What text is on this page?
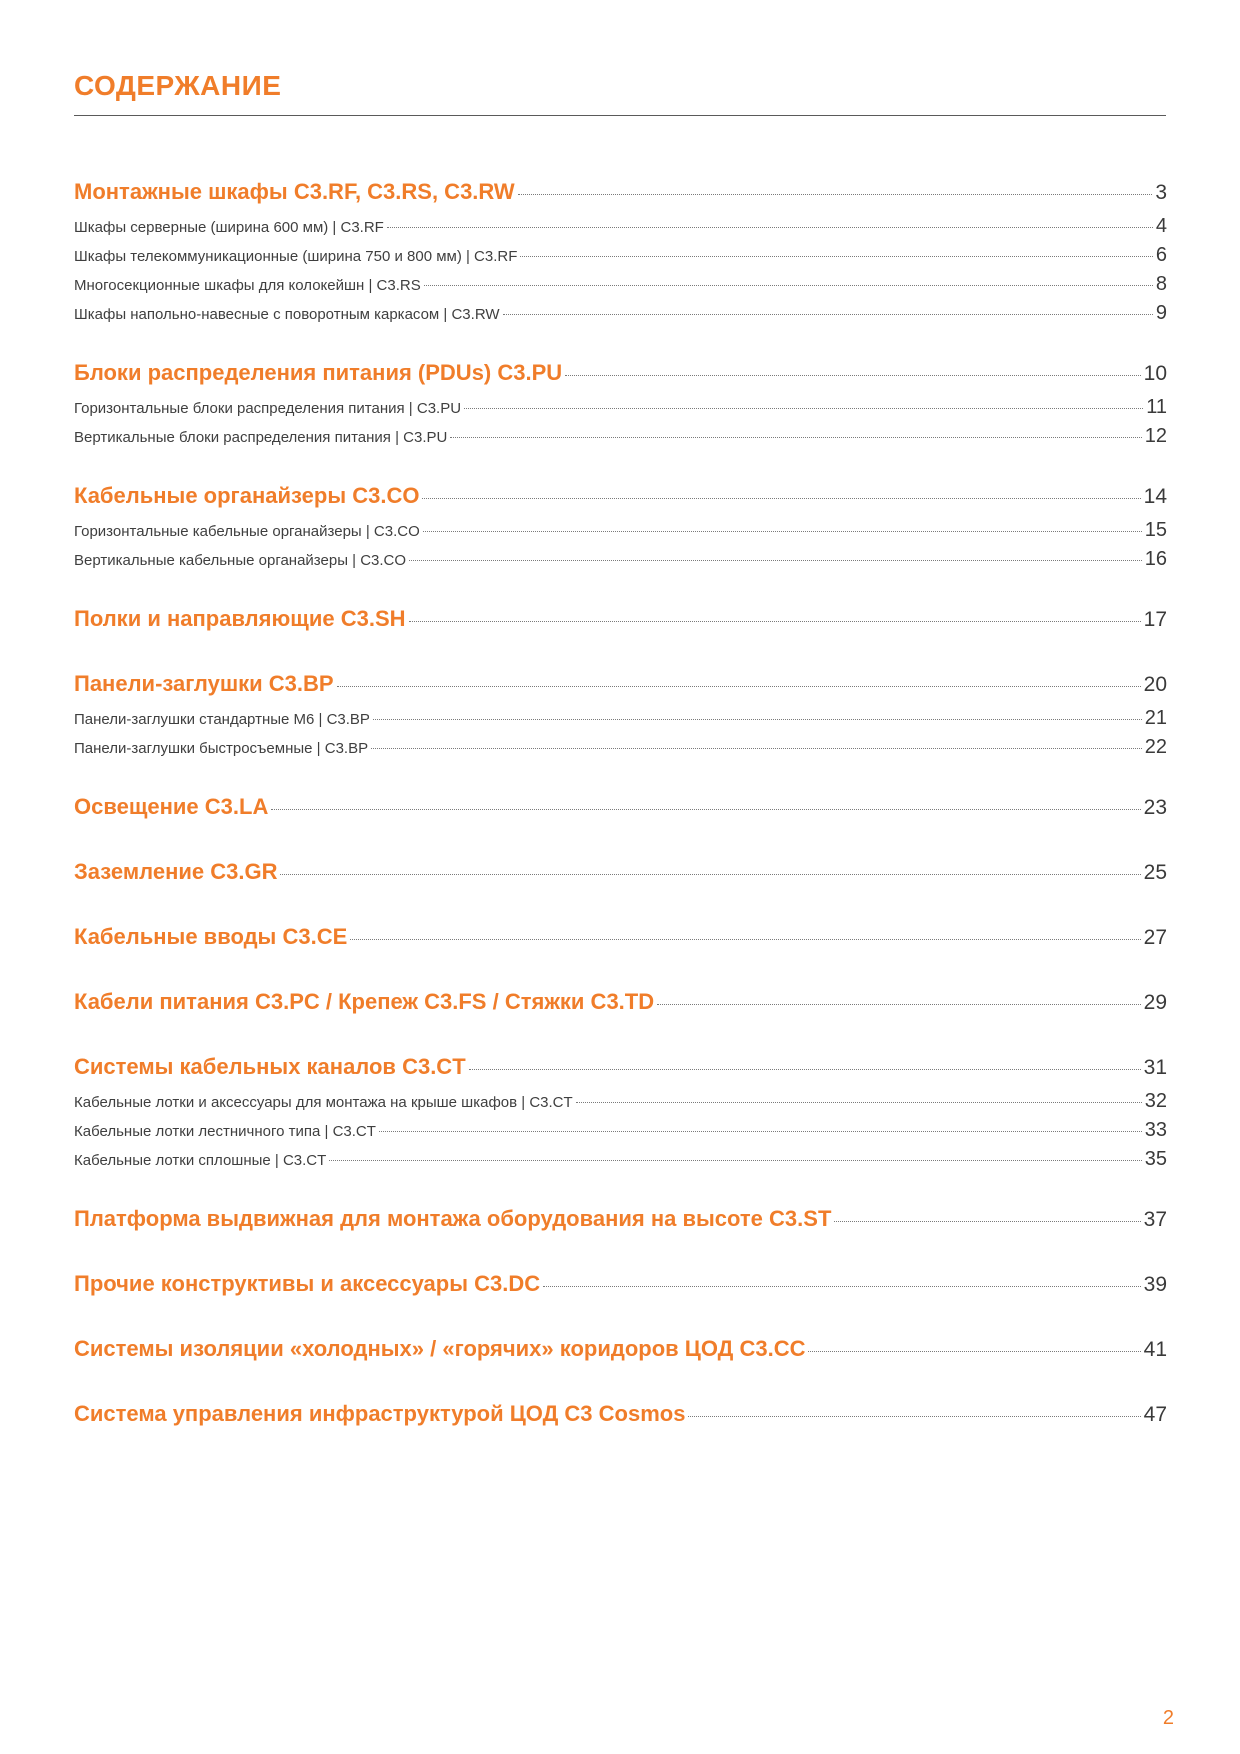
СОДЕРЖАНИЕ
Монтажные шкафы C3.RF, C3.RS, C3.RW	3
Шкафы серверные (ширина 600 мм) | C3.RF	4
Шкафы телекоммуникационные (ширина 750 и 800 мм) | C3.RF	6
Многосекционные шкафы для колокейшн | C3.RS	8
Шкафы напольно-навесные с поворотным каркасом | C3.RW	9
Блоки распределения питания (PDUs) C3.PU	10
Горизонтальные блоки распределения питания | C3.PU	11
Вертикальные блоки распределения питания | C3.PU	12
Кабельные органайзеры C3.CO	14
Горизонтальные кабельные органайзеры | C3.CO	15
Вертикальные кабельные органайзеры | C3.CO	16
Полки и направляющие C3.SH	17
Панели-заглушки C3.BP	20
Панели-заглушки стандартные М6 | C3.BP	21
Панели-заглушки быстросъемные | C3.BP	22
Освещение C3.LA	23
Заземление C3.GR	25
Кабельные вводы C3.CE	27
Кабели питания C3.PC / Крепеж C3.FS / Стяжки C3.TD	29
Системы кабельных каналов C3.CT	31
Кабельные лотки и аксессуары для монтажа на крыше шкафов | C3.CT	32
Кабельные лотки лестничного типа | C3.CT	33
Кабельные лотки сплошные | C3.CT	35
Платформа выдвижная для монтажа оборудования на высоте C3.ST	37
Прочие конструктивы и аксессуары C3.DC	39
Системы изоляции «холодных» / «горячих» коридоров ЦОД C3.CC	41
Система управления инфраструктурой ЦОД C3 Cosmos	47
2
